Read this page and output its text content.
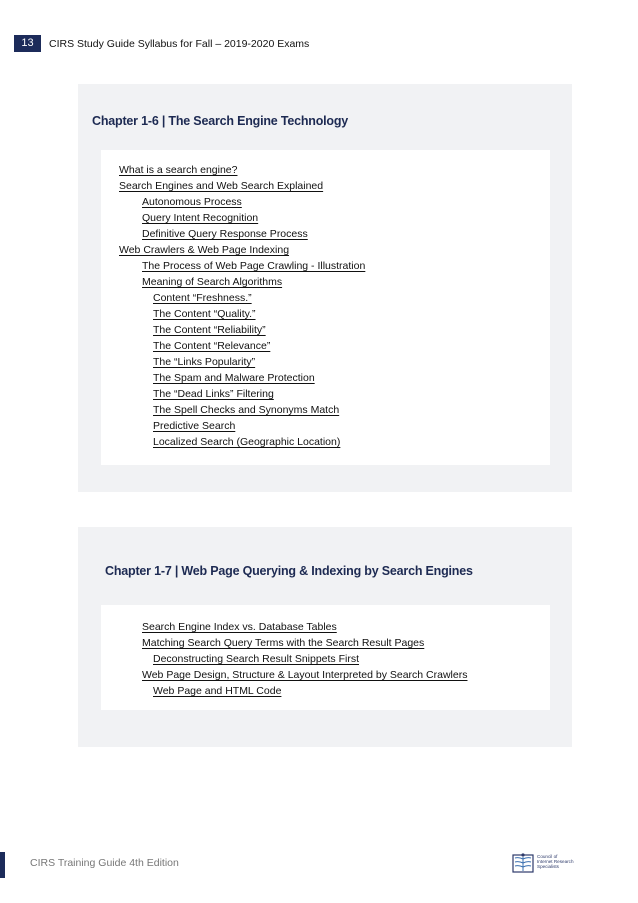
13	CIRS Study Guide Syllabus for Fall – 2019-2020 Exams
Chapter 1-6 | The Search Engine Technology
What is a search engine?
Search Engines and Web Search Explained
Autonomous Process
Query Intent Recognition
Definitive Query Response Process
Web Crawlers & Web Page Indexing
The Process of Web Page Crawling - Illustration
Meaning of Search Algorithms
Content “Freshness.”
The Content “Quality.”
The Content “Reliability”
The Content “Relevance”
The “Links Popularity”
The Spam and Malware Protection
The “Dead Links” Filtering
The Spell Checks and Synonyms Match
Predictive Search
Localized Search (Geographic Location)
Chapter 1-7 | Web Page Querying & Indexing by Search Engines
Search Engine Index vs. Database Tables
Matching Search Query Terms with the Search Result Pages
Deconstructing Search Result Snippets First
Web Page Design, Structure & Layout Interpreted by Search Crawlers
Web Page and HTML Code
CIRS Training Guide 4th Edition
Council of
Internet Research
Specialists
